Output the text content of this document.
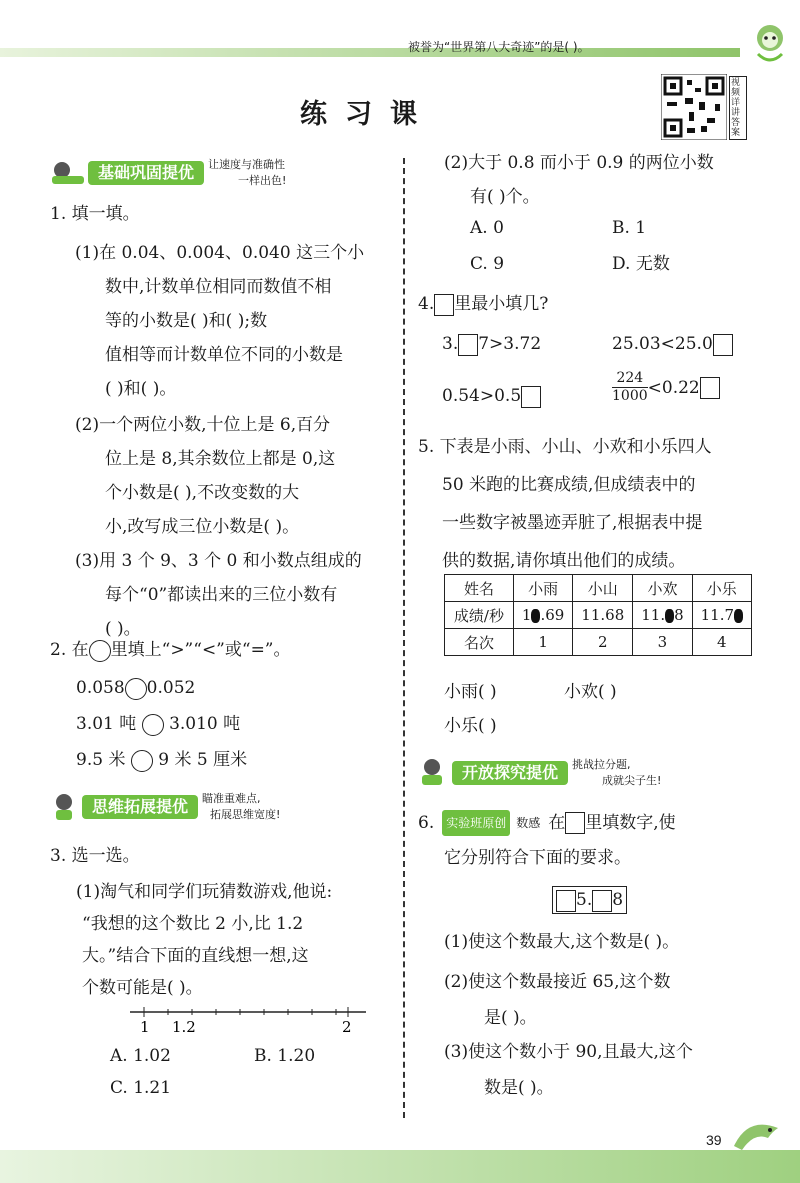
被誉为“世界第八大奇迹”的是( )。
视频详讲答案
练习课
基础巩固提优	让速度与准确性
一样出色!
1. 填一填。
(1)在 0.04、0.004、0.040 这三个小
数中,计数单位相同而数值不相
等的小数是( )和( );数
值相等而计数单位不同的小数是
( )和( )。
(2)一个两位小数,十位上是 6,百分
位上是 8,其余数位上都是 0,这
个小数是( ),不改变数的大
小,改写成三位小数是( )。
(3)用 3 个 9、3 个 0 和小数点组成的
每个“0”都读出来的三位小数有
( )。
2. 在 里填上“>”“<”或“=”。
0.058 0.052
3.01 吨 3.010 吨
9.5 米 9 米 5 厘米
思维拓展提优	瞄准重难点,
拓展思维宽度!
3. 选一选。
(1)淘气和同学们玩猜数游戏,他说:
“我想的这个数比 2 小,比 1.2
大。”结合下面的直线想一想,这
个数可能是( )。
1 1.2	2
A. 1.02	B. 1.20
C. 1.21
(2)大于 0.8 而小于 0.9 的两位小数
有( )个。
A. 0	B. 1
C. 9	D. 无数
4. 里最小填几?
3. 7>3.72	25.03<25.0
0.54>0.5	$\frac{224}{1000} <0.22$
5. 下表是小雨、小山、小欢和小乐四人
50 米跑的比赛成绩,但成绩表中的
一些数字被墨迹弄脏了,根据表中提
供的数据,请你填出他们的成绩。
姓名	小雨	小山	小欢	小乐
成绩/秒	1 .69	11.68	11. 8	11.7
名次	1	2	3	4
小雨( )	小欢( )
小乐( )
开放探究提优	挑战拉分题,
成就尖子生!
6.	实验班原创 数感 在 里填数字,使
它分别符合下面的要求。
5. 8
(1)使这个数最大,这个数是( )。
(2)使这个数最接近 65,这个数
是( )。
(3)使这个数小于 90,且最大,这个
数是( )。
39
